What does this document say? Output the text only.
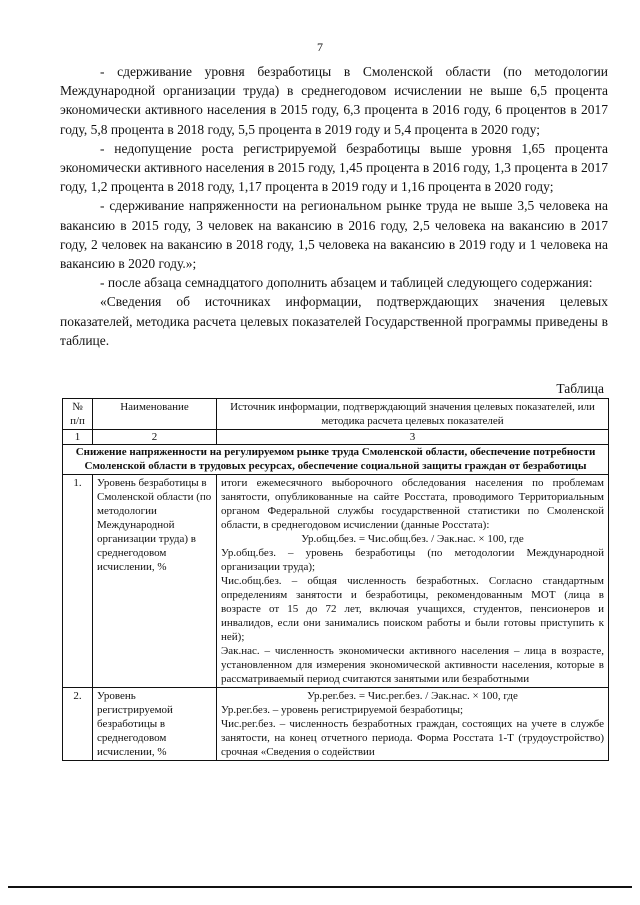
7

- сдерживание уровня безработицы в Смоленской области (по методологии Международной организации труда) в среднегодовом исчислении не выше 6,5 процента экономически активного населения в 2015 году, 6,3 процента в 2016 году, 6 процентов в 2017 году, 5,8 процента в 2018 году, 5,5 процента в 2019 году и 5,4 процента в 2020 году;

- недопущение роста регистрируемой безработицы выше уровня 1,65 процента экономически активного населения в 2015 году, 1,45 процента в 2016 году, 1,3 процента в 2017 году, 1,2 процента в 2018 году, 1,17 процента в 2019 году и 1,16 процента в 2020 году;

- сдерживание напряженности на региональном рынке труда не выше 3,5 человека на вакансию в 2015 году, 3 человек на вакансию в 2016 году, 2,5 человека на вакансию в 2017 году, 2 человек на вакансию в 2018 году, 1,5 человека на вакансию в 2019 году и 1 человека на вакансию в 2020 году.»;

- после абзаца семнадцатого дополнить абзацем и таблицей следующего содержания:

«Сведения об источниках информации, подтверждающих значения целевых показателей, методика расчета целевых показателей Государственной программы приведены в таблице.

Таблица
№ п/п	Наименование	Источник информации, подтверждающий значения целевых показателей, или методика расчета целевых показателей
1	2	3
Снижение напряженности на регулируемом рынке труда Смоленской области, обеспечение потребности Смоленской области в трудовых ресурсах, обеспечение социальной защиты граждан от безработицы		
1.	Уровень безработицы в Смоленской области (по методологии Международной организации труда) в среднегодовом исчислении, %	итоги ежемесячного выборочного обследования населения по проблемам занятости, опубликованные на сайте Росстата, проводимого Территориальным органом Федеральной службы государственной статистики по Смоленской области, в среднегодовом исчислении (данные Росстата):

Ур.общ.без. = Чис.общ.без. / Эак.нас. × 100, где

Ур.общ.без. – уровень безработицы (по методологии Международной организации труда);

Чис.общ.без. – общая численность безработных. Согласно стандартным определениям занятости и безработицы, рекомендованным МОТ (лица в возрасте от 15 до 72 лет, включая учащихся, студентов, пенсионеров и инвалидов, если они занимались поиском работы и были готовы приступить к ней);

Эак.нас. – численность экономически активного населения – лица в возрасте, установленном для измерения экономической активности населения, которые в рассматриваемый период считаются занятыми или безработными

2.	Уровень регистрируемой безработицы в среднегодовом исчислении, %	Ур.рег.без. = Чис.рег.без. / Эак.нас. × 100, где

Ур.рег.без. – уровень регистрируемой безработицы;

Чис.рег.без. – численность безработных граждан, состоящих на учете в службе занятости, на конец отчетного периода. Форма Росстата 1-Т (трудоустройство) срочная «Сведения о содействии
